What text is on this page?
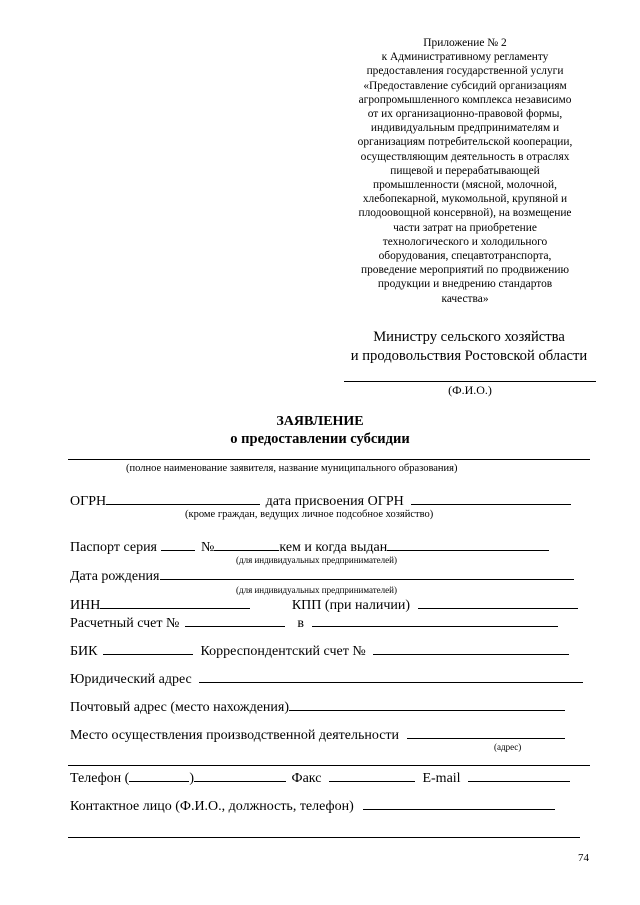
Приложение № 2
к Административному регламенту
предоставления государственной услуги
«Предоставление субсидий организациям
агропромышленного комплекса независимо
от их организационно-правовой формы,
индивидуальным предпринимателям и
организациям потребительской кооперации,
осуществляющим деятельность в отраслях
пищевой и перерабатывающей
промышленности (мясной, молочной,
хлебопекарной, мукомольной, крупяной и
плодоовощной консервной), на возмещение
части затрат на приобретение
технологического и холодильного
оборудования, спецавтотранспорта,
проведение мероприятий по продвижению
продукции и внедрению стандартов
качества»
Министру сельского хозяйства
и продовольствия Ростовской области
(Ф.И.О.)
ЗАЯВЛЕНИЕ
о предоставлении субсидии
(полное наименование заявителя, название муниципального образования)
ОГРН	дата присвоения ОГРН
(кроме граждан, ведущих личное подсобное хозяйство)
Паспорт серия	№	кем и когда выдан
(для индивидуальных предпринимателей)
Дата рождения
(для индивидуальных предпринимателей)
ИНН	КПП (при наличии)
Расчетный счет №	в
БИК	Корреспондентский счет №
Юридический адрес
Почтовый адрес (место нахождения)
Место осуществления производственной деятельности
(адрес)
Телефон (	)	Факс	E-mail
Контактное лицо (Ф.И.О., должность, телефон)
74
